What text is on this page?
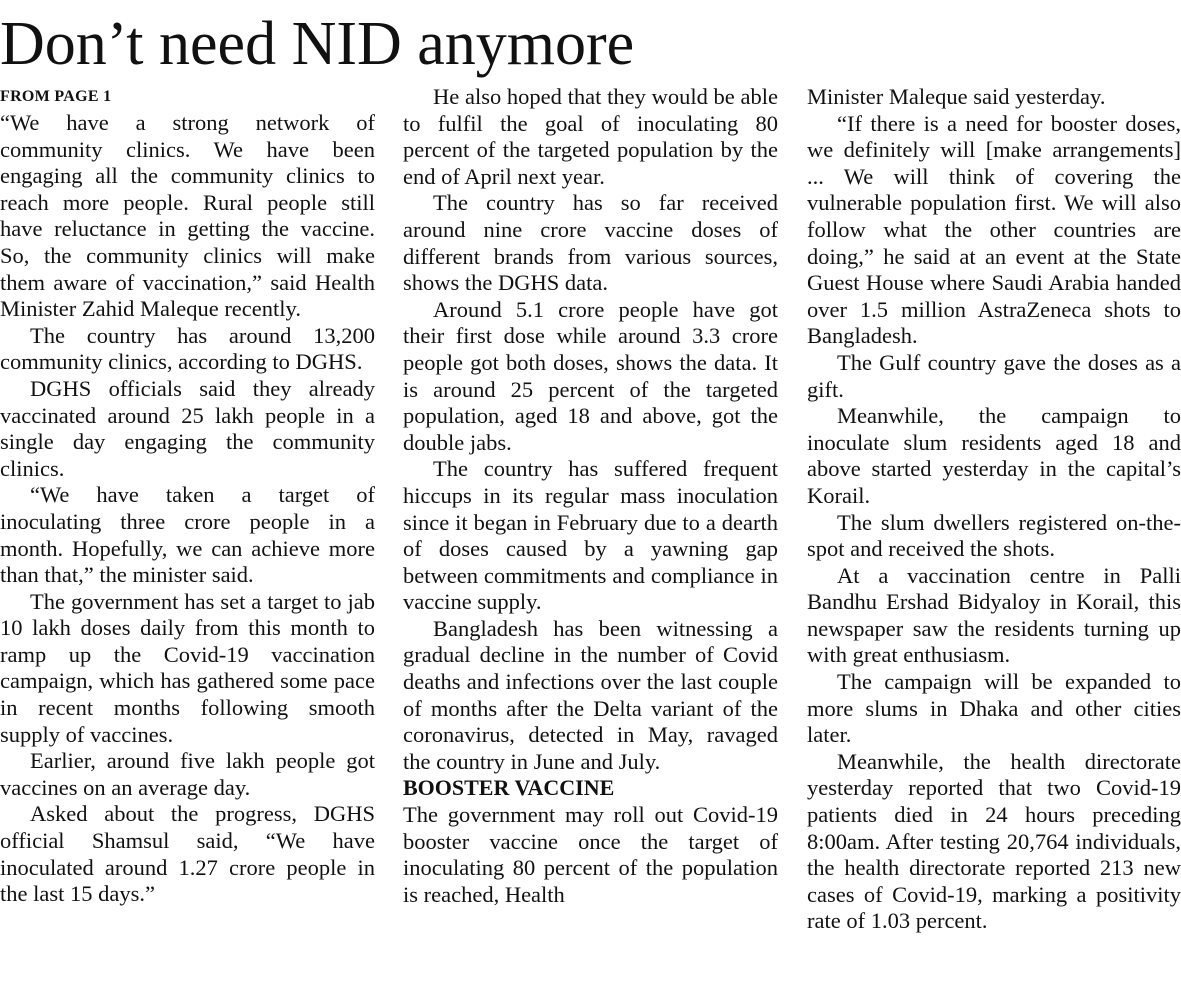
Don’t need NID anymore
FROM PAGE 1

“We have a strong network of community clinics. We have been engaging all the community clinics to reach more people. Rural people still have reluctance in getting the vaccine. So, the community clinics will make them aware of vaccination,” said Health Minister Zahid Maleque recently.

The country has around 13,200 community clinics, according to DGHS.

DGHS officials said they already vaccinated around 25 lakh people in a single day engaging the community clinics.

“We have taken a target of inoculating three crore people in a month. Hopefully, we can achieve more than that,” the minister said.

The government has set a target to jab 10 lakh doses daily from this month to ramp up the Covid-19 vaccination campaign, which has gathered some pace in recent months following smooth supply of vaccines.

Earlier, around five lakh people got vaccines on an average day.

Asked about the progress, DGHS official Shamsul said, “We have inoculated around 1.27 crore people in the last 15 days.”

He also hoped that they would be able to fulfil the goal of inoculating 80 percent of the targeted population by the end of April next year.

The country has so far received around nine crore vaccine doses of different brands from various sources, shows the DGHS data.

Around 5.1 crore people have got their first dose while around 3.3 crore people got both doses, shows the data. It is around 25 percent of the targeted population, aged 18 and above, got the double jabs.

The country has suffered frequent hiccups in its regular mass inoculation since it began in February due to a dearth of doses caused by a yawning gap between commitments and compliance in vaccine supply.

Bangladesh has been witnessing a gradual decline in the number of Covid deaths and infections over the last couple of months after the Delta variant of the coronavirus, detected in May, ravaged the country in June and July.

BOOSTER VACCINE

The government may roll out Covid-19 booster vaccine once the target of inoculating 80 percent of the population is reached, Health

Minister Maleque said yesterday.

“If there is a need for booster doses, we definitely will [make arrangements] ... We will think of covering the vulnerable population first. We will also follow what the other countries are doing,” he said at an event at the State Guest House where Saudi Arabia handed over 1.5 million AstraZeneca shots to Bangladesh.

The Gulf country gave the doses as a gift.

Meanwhile, the campaign to inoculate slum residents aged 18 and above started yesterday in the capital’s Korail.

The slum dwellers registered on-the-spot and received the shots.

At a vaccination centre in Palli Bandhu Ershad Bidyaloy in Korail, this newspaper saw the residents turning up with great enthusiasm.

The campaign will be expanded to more slums in Dhaka and other cities later.

Meanwhile, the health directorate yesterday reported that two Covid-19 patients died in 24 hours preceding 8:00am. After testing 20,764 individuals, the health directorate reported 213 new cases of Covid-19, marking a positivity rate of 1.03 percent.
